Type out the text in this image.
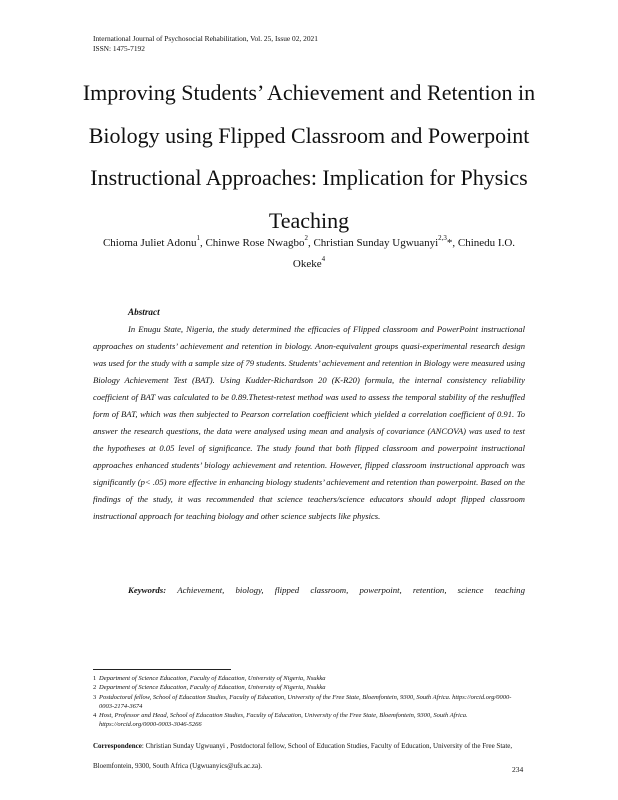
International Journal of Psychosocial Rehabilitation, Vol. 25, Issue 02, 2021
ISSN: 1475-7192
Improving Students’ Achievement and Retention in Biology using Flipped Classroom and Powerpoint Instructional Approaches: Implication for Physics Teaching
Chioma Juliet Adonu$^1$, Chinwe Rose Nwagbo$^2$, Christian Sunday Ugwuanyi$^{2,3}$*, Chinedu I.O. Okeke$^4$
Abstract

In Enugu State, Nigeria, the study determined the efficacies of Flipped classroom and PowerPoint instructional approaches on students’ achievement and retention in biology. Anon-equivalent groups quasi-experimental research design was used for the study with a sample size of 79 students. Students’ achievement and retention in Biology were measured using Biology Achievement Test (BAT). Using Kudder-Richardson 20 (K-R20) formula, the internal consistency reliability coefficient of BAT was calculated to be 0.89.Thetest-retest method was used to assess the temporal stability of the reshuffled form of BAT, which was then subjected to Pearson correlation coefficient which yielded a correlation coefficient of 0.91. To answer the research questions, the data were analysed using mean and analysis of covariance (ANCOVA) was used to test the hypotheses at 0.05 level of significance. The study found that both flipped classroom and powerpoint instructional approaches enhanced students’ biology achievement and retention. However, flipped classroom instructional approach was significantly (p< .05) more effective in enhancing biology students’ achievement and retention than powerpoint. Based on the findings of the study, it was recommended that science teachers/science educators should adopt flipped classroom instructional approach for teaching biology and other science subjects like physics.

Keywords: Achievement, biology, flipped classroom, powerpoint, retention, science teaching
1 Department of Science Education, Faculty of Education, University of Nigeria, Nsukka
2 Department of Science Education, Faculty of Education, University of Nigeria, Nsukka
3 Postdoctoral fellow, School of Education Studies, Faculty of Education, University of the Free State, Bloemfontein, 9300, South Africa. https://orcid.org/0000-0003-2174-3674
4 Host, Professor and Head, School of Education Studies, Faculty of Education, University of the Free State, Bloemfontein, 9300, South Africa. https://orcid.org/0000-0003-3046-5266
Correspondence: Christian Sunday Ugwuanyi , Postdoctoral fellow, School of Education Studies, Faculty of Education, University of the Free State, Bloemfontein, 9300, South Africa (Ugwuanyics@ufs.ac.za).	234
